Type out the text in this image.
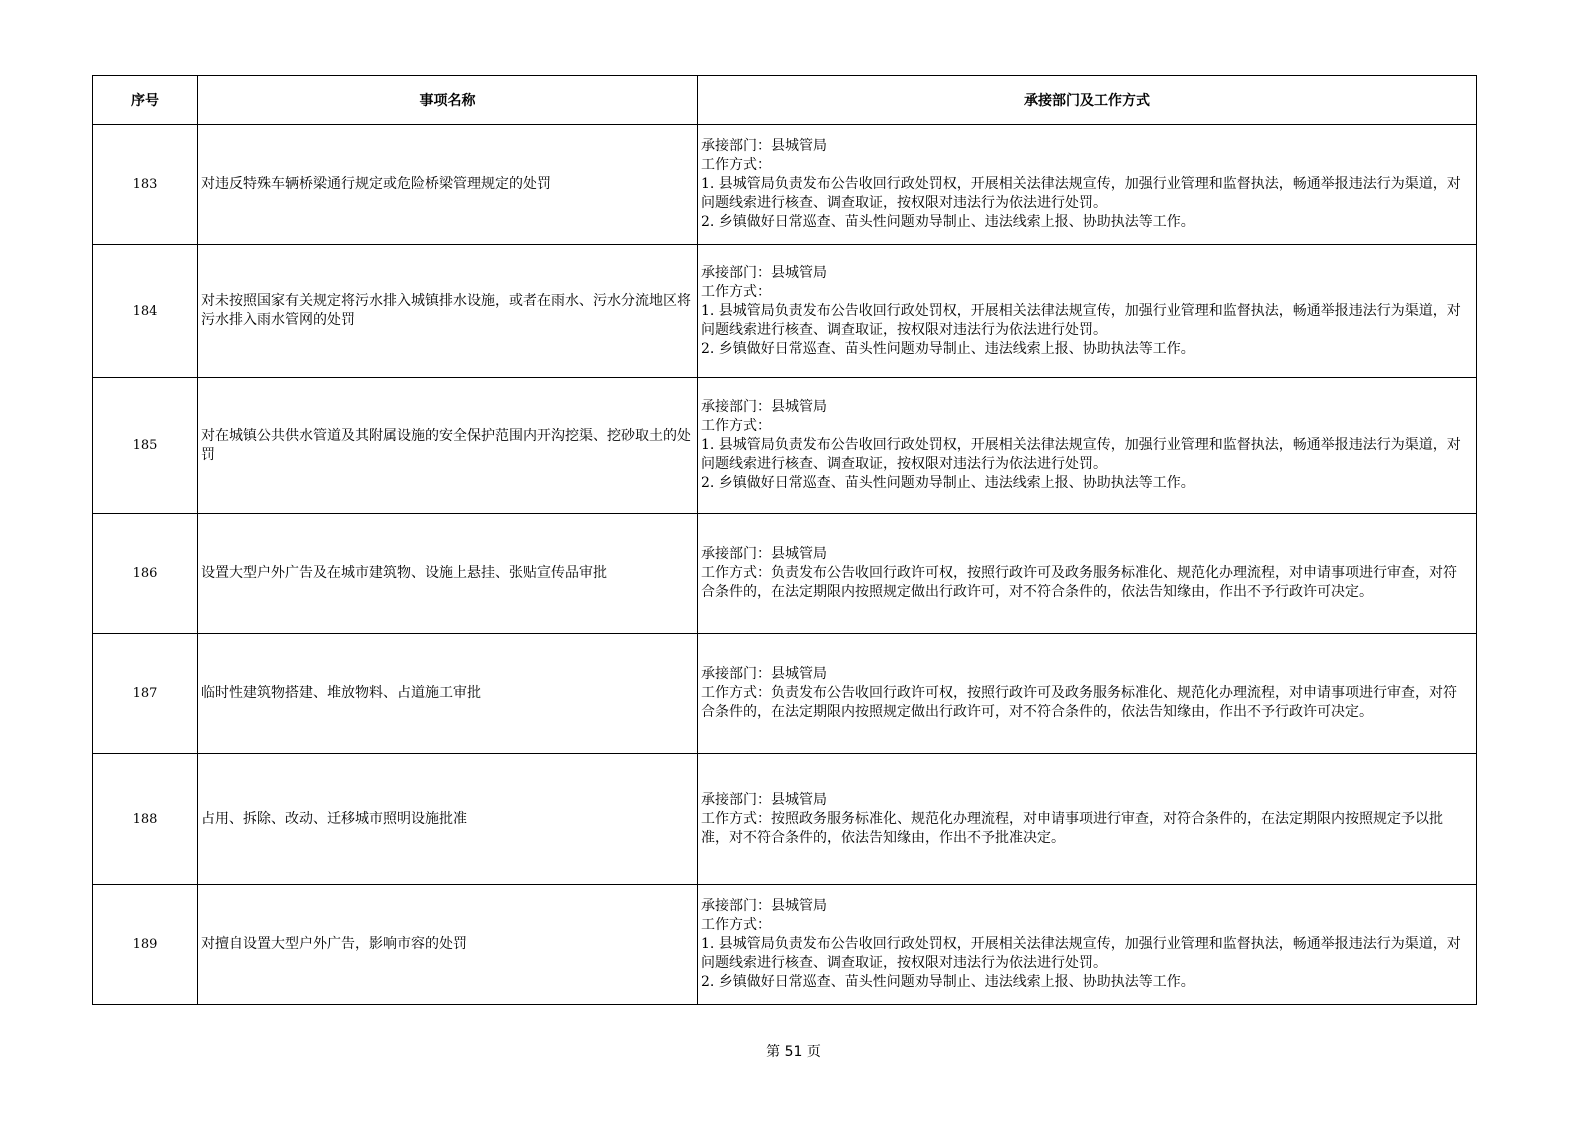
序号	事项名称	承接部门及工作方式
183	对违反特殊车辆桥梁通行规定或危险桥梁管理规定的处罚	承接部门：县城管局
工作方式：
1. 县城管局负责发布公告收回行政处罚权，开展相关法律法规宣传，加强行业管理和监督执法，畅通举报违法行为渠道，对问题线索进行核查、调查取证，按权限对违法行为依法进行处罚。
2. 乡镇做好日常巡查、苗头性问题劝导制止、违法线索上报、协助执法等工作。

184	对未按照国家有关规定将污水排入城镇排水设施，或者在雨水、污水分流地区将污水排入雨水管网的处罚	承接部门：县城管局
工作方式：
1. 县城管局负责发布公告收回行政处罚权，开展相关法律法规宣传，加强行业管理和监督执法，畅通举报违法行为渠道，对问题线索进行核查、调查取证，按权限对违法行为依法进行处罚。
2. 乡镇做好日常巡查、苗头性问题劝导制止、违法线索上报、协助执法等工作。

185	对在城镇公共供水管道及其附属设施的安全保护范围内开沟挖渠、挖砂取土的处罚	承接部门：县城管局
工作方式：
1. 县城管局负责发布公告收回行政处罚权，开展相关法律法规宣传，加强行业管理和监督执法，畅通举报违法行为渠道，对问题线索进行核查、调查取证，按权限对违法行为依法进行处罚。
2. 乡镇做好日常巡查、苗头性问题劝导制止、违法线索上报、协助执法等工作。

186	设置大型户外广告及在城市建筑物、设施上悬挂、张贴宣传品审批	承接部门：县城管局
工作方式：负责发布公告收回行政许可权，按照行政许可及政务服务标准化、规范化办理流程，对申请事项进行审查，对符合条件的，在法定期限内按照规定做出行政许可，对不符合条件的，依法告知缘由，作出不予行政许可决定。

187	临时性建筑物搭建、堆放物料、占道施工审批	承接部门：县城管局
工作方式：负责发布公告收回行政许可权，按照行政许可及政务服务标准化、规范化办理流程，对申请事项进行审查，对符合条件的，在法定期限内按照规定做出行政许可，对不符合条件的，依法告知缘由，作出不予行政许可决定。

188	占用、拆除、改动、迁移城市照明设施批准	承接部门：县城管局
工作方式：按照政务服务标准化、规范化办理流程，对申请事项进行审查，对符合条件的，在法定期限内按照规定予以批准，对不符合条件的，依法告知缘由，作出不予批准决定。

189	对擅自设置大型户外广告，影响市容的处罚	承接部门：县城管局
工作方式：
1. 县城管局负责发布公告收回行政处罚权，开展相关法律法规宣传，加强行业管理和监督执法，畅通举报违法行为渠道，对问题线索进行核查、调查取证，按权限对违法行为依法进行处罚。
2. 乡镇做好日常巡查、苗头性问题劝导制止、违法线索上报、协助执法等工作。
第 51 页
